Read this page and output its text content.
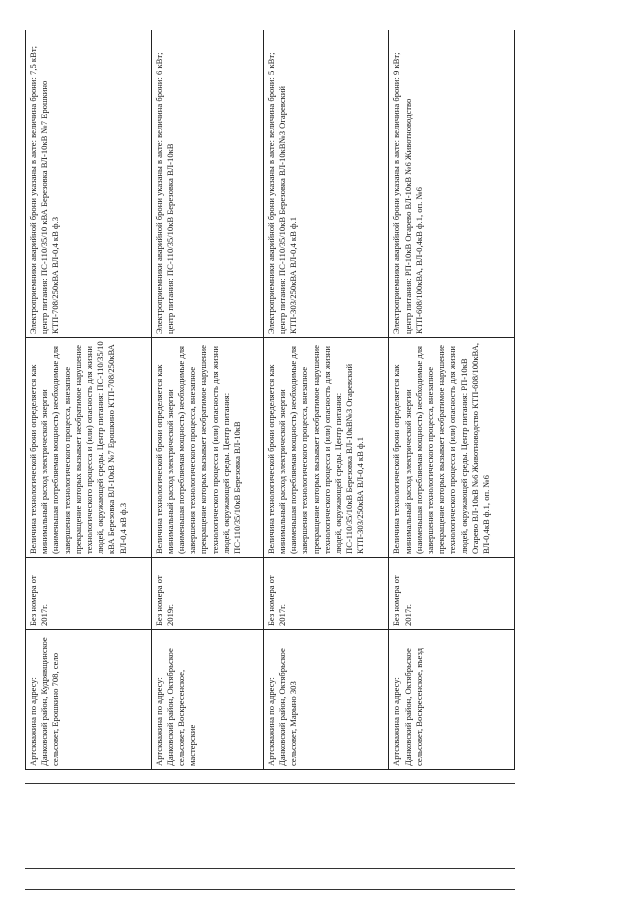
Артскважина по адресу: Данковский район, Кудрявщинское сельсовет, Ерошкино 708, село	Без номера от 2017г.	Величина технологической брони определяется как минимальный расход электрической энергии (наименьшая потребляемая мощность) необходимые для завершения технологического процесса, внезапное прекращение которых вызывает необратимое нарушение технологического процесса и (или) опасность для жизни людей, окружающей среды. Центр питания: ПС-110/35/10 кВА Березовка ВЛ-10кВ №7 Ерошкино КТП-708/250кВА ВЛ-0,4 кВ ф.3	Электроприемники аварийной брони указаны в акте: величина брони: 7,5 кВт; центр питания: ПС-110/35/10 кВА Березовка ВЛ-10кВ №7 Ерошкино КТП-708/250кВА ВЛ-0,4 кВ ф.3
Артскважина по адресу: Данковский район, Октябрьское сельсовет, Воскресенское, мастерские	Без номера от 2019г.	Величина технологической брони определяется как минимальный расход электрической энергии (наименьшая потребляемая мощность) необходимые для завершения технологического процесса, внезапное прекращение которых вызывает необратимое нарушение технологического процесса и (или) опасность для жизни людей, окружающей среды. Центр питания: ПС-110/35/10кВ Березовка ВЛ-10кВ	Электроприемники аварийной брони указаны в акте: величина брони: 6 кВт; центр питания: ПС-110/35/10кВ Березовка ВЛ-10кВ
Артскважина по адресу: Данковский район, Октябрьское сельсовет, Марыно 303	Без номера от 2017г.	Величина технологической брони определяется как минимальный расход электрической энергии (наименьшая потребляемая мощность) необходимые для завершения технологического процесса, внезапное прекращение которых вызывает необратимое нарушение технологического процесса и (или) опасность для жизни людей, окружающей среды. Центр питания: ПС-110/35/10кВ Березовка ВЛ-10кВ№3 Огаревский КТП-303/250кВА ВЛ-0,4 кВ ф.1	Электроприемники аварийной брони указаны в акте: величина брони: 5 кВт; центр питания: ПС-110/35/10кВ Березовка ВЛ-10кВ№3 Огаревский КТП-303/250кВА ВЛ-0,4 кВ ф.1
Артскважина по адресу: Данковский район, Октябрьское сельсовет, Воскресенское, въезд	Без номера от 2017г.	Величина технологической брони определяется как минимальный расход электрической энергии (наименьшая потребляемая мощность) необходимые для завершения технологического процесса, внезапное прекращение которых вызывает необратимое нарушение технологического процесса и (или) опасность для жизни людей, окружающей среды. Центр питания: РП-10кВ Огаревo ВЛ-10кВ №6 Животноводство КТП-608/100кВА, ВЛ-0,4кВ ф.1, оп. №6	Электроприемники аварийной брони указаны в акте: величина брони: 9 кВт; центр питания: РП-10кВ Огаревo ВЛ-10кВ №6 Животноводство КТП-608/100кВА, ВЛ-0,4кВ ф.1, оп. №6
